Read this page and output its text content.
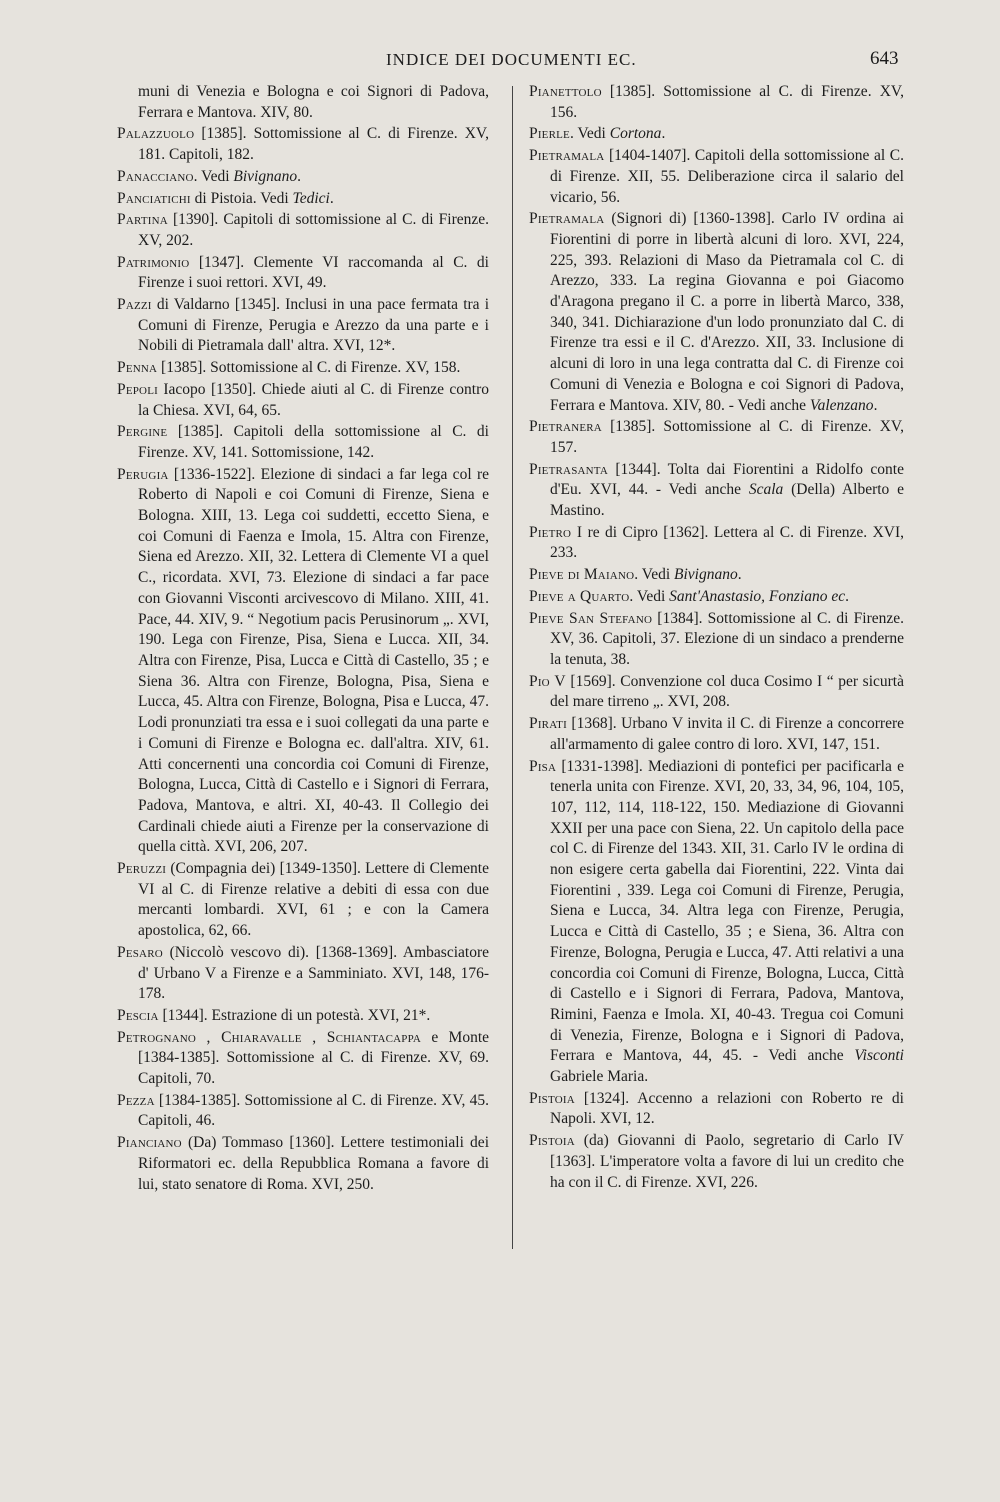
INDICE DEI DOCUMENTI EC.	643

muni di Venezia e Bologna e coi Signori di Padova, Ferrara e Mantova. XIV, 80.

Palazzuolo [1385]. Sottomissione al C. di Firenze. XV, 181. Capitoli, 182.

Panacciano. Vedi Bivignano.

Panciatichi di Pistoia. Vedi Tedici.

Partina [1390]. Capitoli di sottomissione al C. di Firenze. XV, 202.

Patrimonio [1347]. Clemente VI raccomanda al C. di Firenze i suoi rettori. XVI, 49.

Pazzi di Valdarno [1345]. Inclusi in una pace fermata tra i Comuni di Firenze, Perugia e Arezzo da una parte e i Nobili di Pietramala dall' altra. XVI, 12*.

Penna [1385]. Sottomissione al C. di Firenze. XV, 158.

Pepoli Iacopo [1350]. Chiede aiuti al C. di Firenze contro la Chiesa. XVI, 64, 65.

Pergine [1385]. Capitoli della sottomissione al C. di Firenze. XV, 141. Sottomissione, 142.

Perugia [1336-1522]. Elezione di sindaci a far lega col re Roberto di Napoli e coi Comuni di Firenze, Siena e Bologna. XIII, 13. Lega coi suddetti, eccetto Siena, e coi Comuni di Faenza e Imola, 15. Altra con Firenze, Siena ed Arezzo. XII, 32. Lettera di Clemente VI a quel C., ricordata. XVI, 73. Elezione di sindaci a far pace con Giovanni Visconti arcivescovo di Milano. XIII, 41. Pace, 44. XIV, 9. “ Negotium pacis Perusinorum „. XVI, 190. Lega con Firenze, Pisa, Siena e Lucca. XII, 34. Altra con Firenze, Pisa, Lucca e Città di Castello, 35 ; e Siena 36. Altra con Firenze, Bologna, Pisa, Siena e Lucca, 45. Altra con Firenze, Bologna, Pisa e Lucca, 47. Lodi pronunziati tra essa e i suoi collegati da una parte e i Comuni di Firenze e Bologna ec. dall'altra. XIV, 61. Atti concernenti una concordia coi Comuni di Firenze, Bologna, Lucca, Città di Castello e i Signori di Ferrara, Padova, Mantova, e altri. XI, 40-43. Il Collegio dei Cardinali chiede aiuti a Firenze per la conservazione di quella città. XVI, 206, 207.

Peruzzi (Compagnia dei) [1349-1350]. Lettere di Clemente VI al C. di Firenze relative a debiti di essa con due mercanti lombardi. XVI, 61 ; e con la Camera apostolica, 62, 66.

Pesaro (Niccolò vescovo di). [1368-1369]. Ambasciatore d' Urbano V a Firenze e a Samminiato. XVI, 148, 176-178.

Pescia [1344]. Estrazione di un potestà. XVI, 21*.

Petrognano , Chiaravalle , Schiantacappa e Monte [1384-1385]. Sottomissione al C. di Firenze. XV, 69. Capitoli, 70.

Pezza [1384-1385]. Sottomissione al C. di Firenze. XV, 45. Capitoli, 46.

Pianciano (Da) Tommaso [1360]. Lettere testimoniali dei Riformatori ec. della Repubblica Romana a favore di lui, stato senatore di Roma. XVI, 250.

Pianettolo [1385]. Sottomissione al C. di Firenze. XV, 156.

Pierle. Vedi Cortona.

Pietramala [1404-1407]. Capitoli della sottomissione al C. di Firenze. XII, 55. Deliberazione circa il salario del vicario, 56.

Pietramala (Signori di) [1360-1398]. Carlo IV ordina ai Fiorentini di porre in libertà alcuni di loro. XVI, 224, 225, 393. Relazioni di Maso da Pietramala col C. di Arezzo, 333. La regina Giovanna e poi Giacomo d'Aragona pregano il C. a porre in libertà Marco, 338, 340, 341. Dichiarazione d'un lodo pronunziato dal C. di Firenze tra essi e il C. d'Arezzo. XII, 33. Inclusione di alcuni di loro in una lega contratta dal C. di Firenze coi Comuni di Venezia e Bologna e coi Signori di Padova, Ferrara e Mantova. XIV, 80. - Vedi anche Valenzano.

Pietranera [1385]. Sottomissione al C. di Firenze. XV, 157.

Pietrasanta [1344]. Tolta dai Fiorentini a Ridolfo conte d'Eu. XVI, 44. - Vedi anche Scala (Della) Alberto e Mastino.

Pietro I re di Cipro [1362]. Lettera al C. di Firenze. XVI, 233.

Pieve di Maiano. Vedi Bivignano.

Pieve a Quarto. Vedi Sant'Anastasio, Fonziano ec.

Pieve San Stefano [1384]. Sottomissione al C. di Firenze. XV, 36. Capitoli, 37. Elezione di un sindaco a prenderne la tenuta, 38.

Pio V [1569]. Convenzione col duca Cosimo I “ per sicurtà del mare tirreno „. XVI, 208.

Pirati [1368]. Urbano V invita il C. di Firenze a concorrere all'armamento di galee contro di loro. XVI, 147, 151.

Pisa [1331-1398]. Mediazioni di pontefici per pacificarla e tenerla unita con Firenze. XVI, 20, 33, 34, 96, 104, 105, 107, 112, 114, 118-122, 150. Mediazione di Giovanni XXII per una pace con Siena, 22. Un capitolo della pace col C. di Firenze del 1343. XII, 31. Carlo IV le ordina di non esigere certa gabella dai Fiorentini, 222. Vinta dai Fiorentini , 339. Lega coi Comuni di Firenze, Perugia, Siena e Lucca, 34. Altra lega con Firenze, Perugia, Lucca e Città di Castello, 35 ; e Siena, 36. Altra con Firenze, Bologna, Perugia e Lucca, 47. Atti relativi a una concordia coi Comuni di Firenze, Bologna, Lucca, Città di Castello e i Signori di Ferrara, Padova, Mantova, Rimini, Faenza e Imola. XI, 40-43. Tregua coi Comuni di Venezia, Firenze, Bologna e i Signori di Padova, Ferrara e Mantova, 44, 45. - Vedi anche Visconti Gabriele Maria.

Pistoia [1324]. Accenno a relazioni con Roberto re di Napoli. XVI, 12.

Pistoia (da) Giovanni di Paolo, segretario di Carlo IV [1363]. L'imperatore volta a favore di lui un credito che ha con il C. di Firenze. XVI, 226.
